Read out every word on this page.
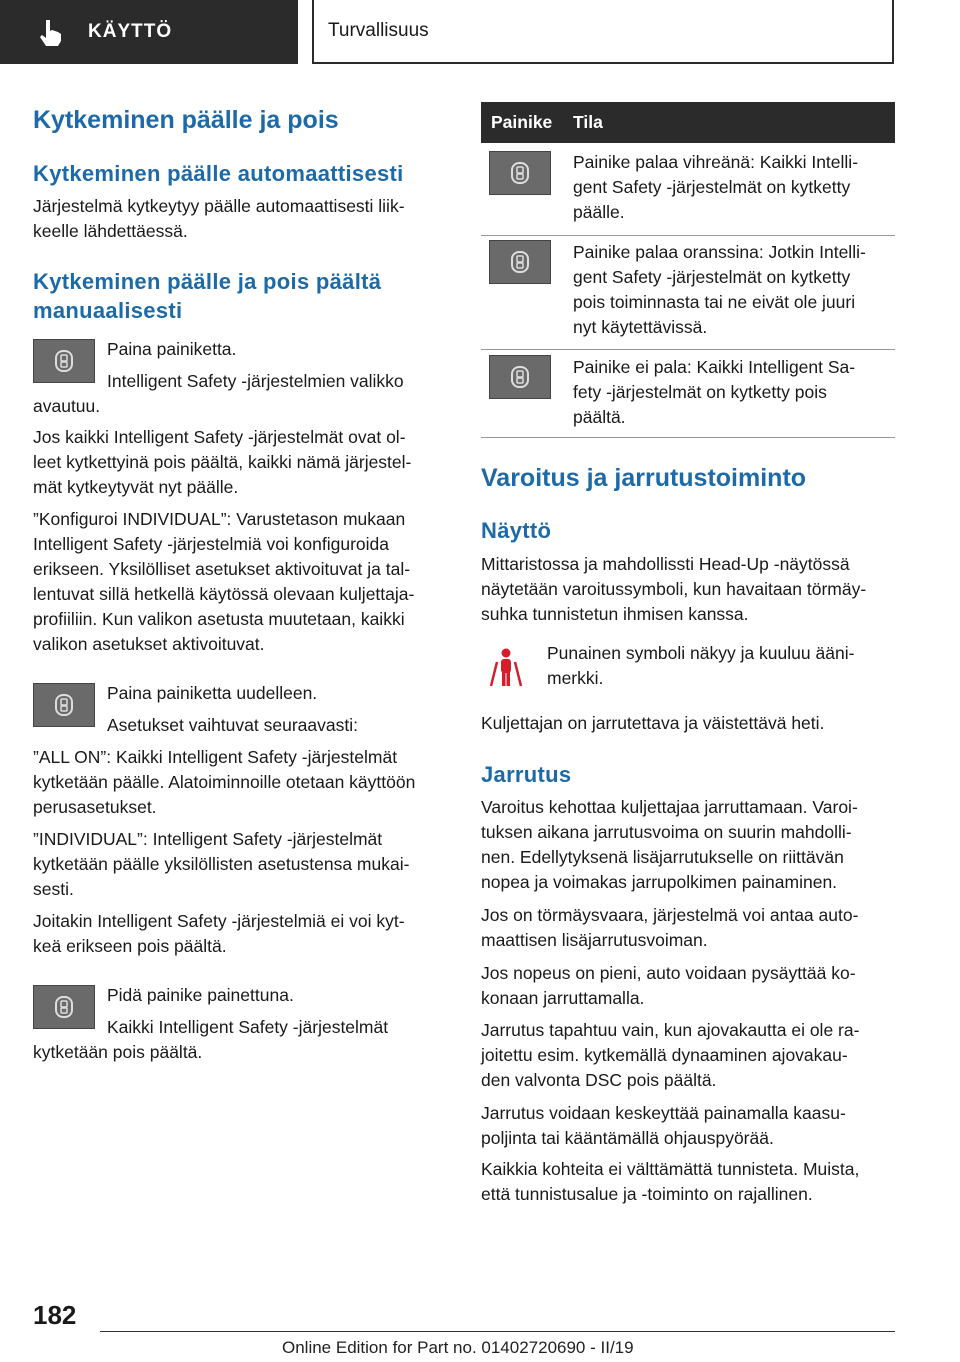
KÄYTTÖ	Turvallisuus
Kytkeminen päälle ja pois
Kytkeminen päälle automaattisesti

Järjestelmä kytkeytyy päälle automaattisesti liik-

keelle lähdettäessä.

Kytkeminen päälle ja pois päältä
manuaalisesti

Paina painiketta.

Intelligent Safety -järjestelmien valikko

avautuu.

Jos kaikki Intelligent Safety -järjestelmät ovat ol-

leet kytkettyinä pois päältä, kaikki nämä järjestel-

mät kytkeytyvät nyt päälle.

”Konfiguroi INDIVIDUAL”: Varustetason mukaan

Intelligent Safety -järjestelmiä voi konfiguroida

erikseen. Yksilölliset asetukset aktivoituvat ja tal-

lentuvat sillä hetkellä käytössä olevaan kuljettaja-

profiiliin. Kun valikon asetusta muutetaan, kaikki

valikon asetukset aktivoituvat.

Paina painiketta uudelleen.

Asetukset vaihtuvat seuraavasti:

”ALL ON”: Kaikki Intelligent Safety -järjestelmät

kytketään päälle. Alatoiminnoille otetaan käyttöön

perusasetukset.

”INDIVIDUAL”: Intelligent Safety -järjestelmät

kytketään päälle yksilöllisten asetustensa mukai-

sesti.

Joitakin Intelligent Safety -järjestelmiä ei voi kyt-

keä erikseen pois päältä.

Pidä painike painettuna.

Kaikki Intelligent Safety -järjestelmät

kytketään pois päältä.

Painike Tila

Painike palaa vihreänä: Kaikki Intelli-

gent Safety -järjestelmät on kytketty

päälle.

Painike palaa oranssina: Jotkin Intelli-

gent Safety -järjestelmät on kytketty

pois toiminnasta tai ne eivät ole juuri

nyt käytettävissä.

Painike ei pala: Kaikki Intelligent Sa-

fety -järjestelmät on kytketty pois

päältä.

Varoitus ja jarrutustoiminto
Näyttö

Mittaristossa ja mahdollissti Head-Up -näytössä

näytetään varoitussymboli, kun havaitaan törmäy-

suhka tunnistetun ihmisen kanssa.

Punainen symboli näkyy ja kuuluu ääni-

merkki.

Kuljettajan on jarrutettava ja väistettävä heti.

Jarrutus

Varoitus kehottaa kuljettajaa jarruttamaan. Varoi-

tuksen aikana jarrutusvoima on suurin mahdolli-

nen. Edellytyksenä lisäjarrutukselle on riittävän

nopea ja voimakas jarrupolkimen painaminen.

Jos on törmäysvaara, järjestelmä voi antaa auto-

maattisen lisäjarrutusvoiman.

Jos nopeus on pieni, auto voidaan pysäyttää ko-

konaan jarruttamalla.

Jarrutus tapahtuu vain, kun ajovakautta ei ole ra-

joitettu esim. kytkemällä dynaaminen ajovakau-

den valvonta DSC pois päältä.

Jarrutus voidaan keskeyttää painamalla kaasu-

poljinta tai kääntämällä ohjauspyörää.

Kaikkia kohteita ei välttämättä tunnisteta. Muista,

että tunnistusalue ja -toiminto on rajallinen.

182
Online Edition for Part no. 01402720690 - II/19
